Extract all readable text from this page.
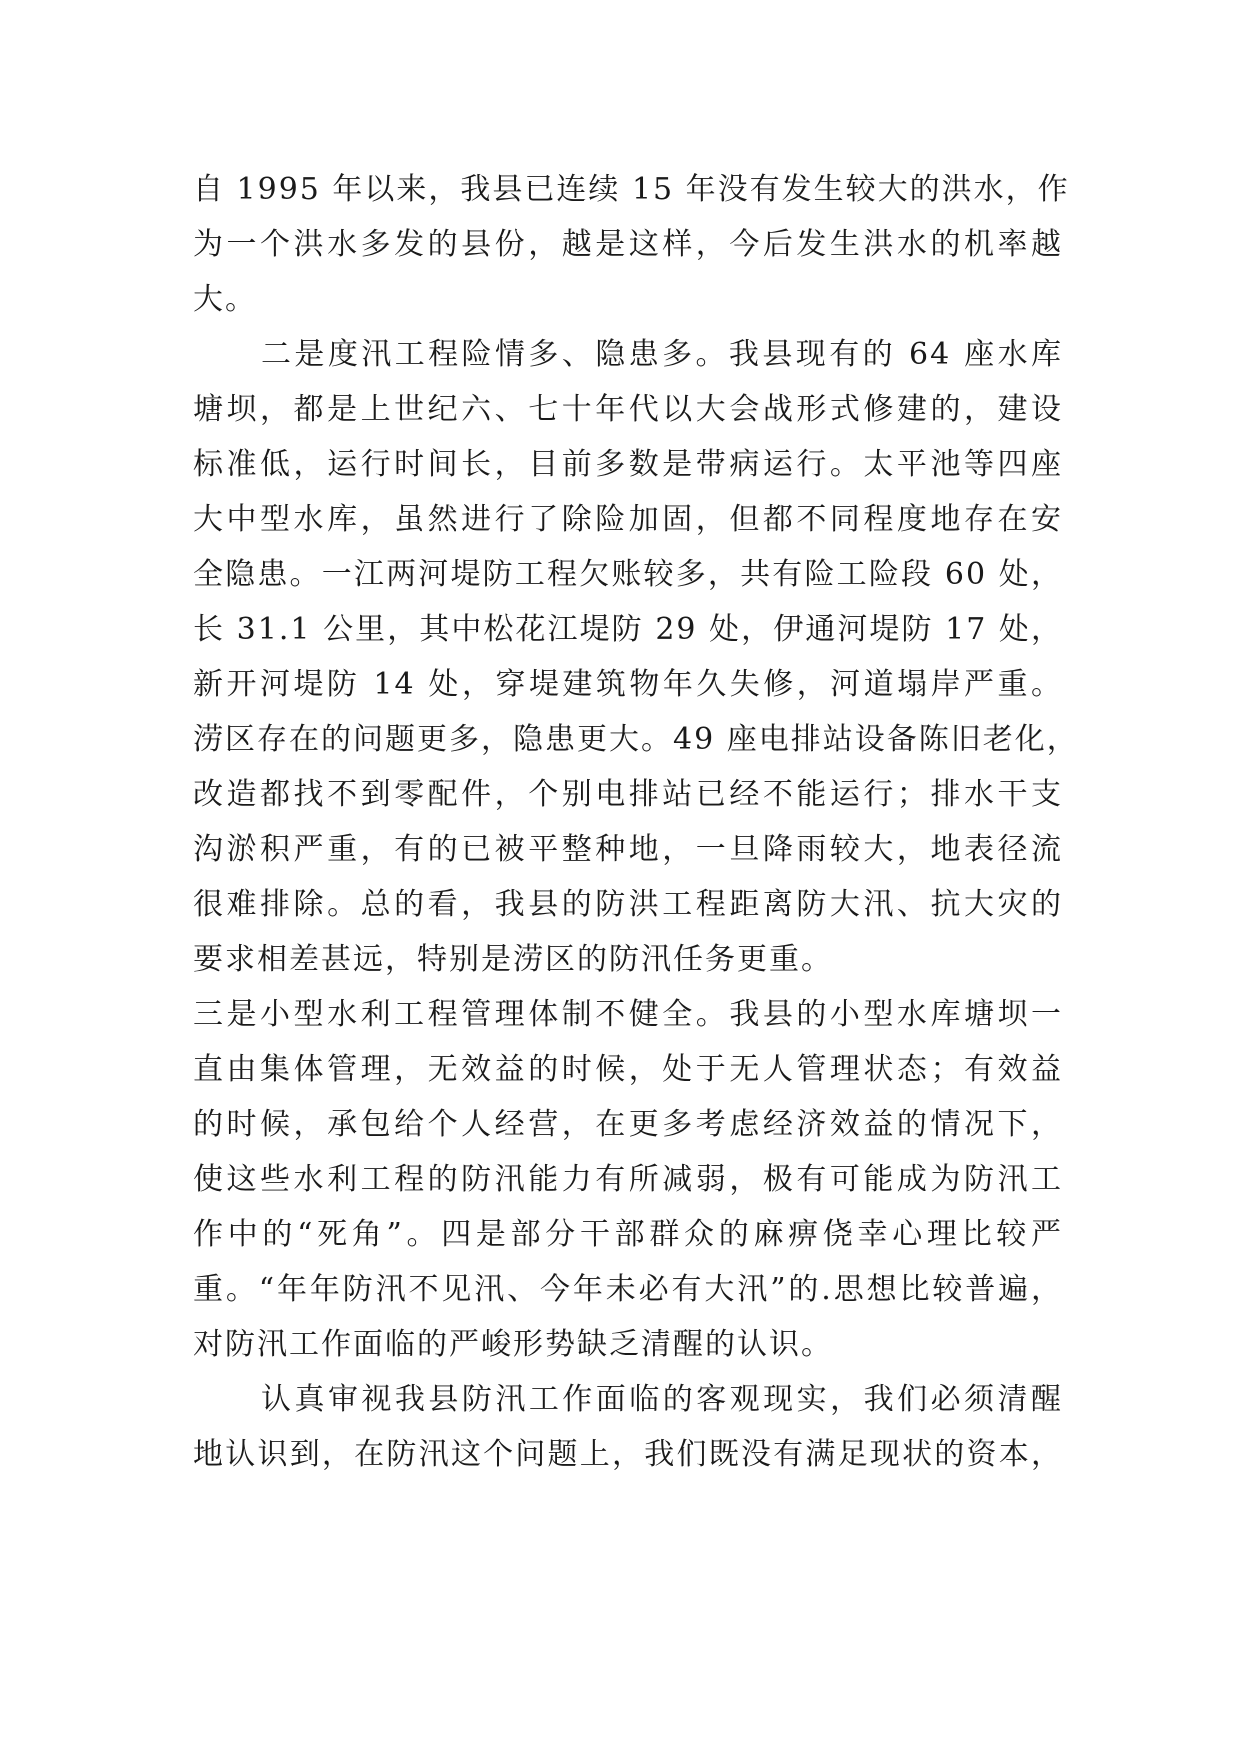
自 1995 年以来，我县已连续 15 年没有发生较大的洪水，作
为一个洪水多发的县份，越是这样，今后发生洪水的机率越
大。
二是度汛工程险情多、隐患多。我县现有的 64 座水库
塘坝，都是上世纪六、七十年代以大会战形式修建的，建设
标准低，运行时间长，目前多数是带病运行。太平池等四座
大中型水库，虽然进行了除险加固，但都不同程度地存在安
全隐患。一江两河堤防工程欠账较多，共有险工险段 60 处，
长 31.1 公里，其中松花江堤防 29 处，伊通河堤防 17 处，
新开河堤防 14 处，穿堤建筑物年久失修，河道塌岸严重。
涝区存在的问题更多，隐患更大。49 座电排站设备陈旧老化，
改造都找不到零配件，个别电排站已经不能运行；排水干支
沟淤积严重，有的已被平整种地，一旦降雨较大，地表径流
很难排除。总的看，我县的防洪工程距离防大汛、抗大灾的
要求相差甚远，特别是涝区的防汛任务更重。
三是小型水利工程管理体制不健全。我县的小型水库塘坝一
直由集体管理，无效益的时候，处于无人管理状态；有效益
的时候，承包给个人经营，在更多考虑经济效益的情况下，
使这些水利工程的防汛能力有所减弱，极有可能成为防汛工
作中的“死角”。四是部分干部群众的麻痹侥幸心理比较严
重。“年年防汛不见汛、今年未必有大汛”的.思想比较普遍，
对防汛工作面临的严峻形势缺乏清醒的认识。
认真审视我县防汛工作面临的客观现实，我们必须清醒
地认识到，在防汛这个问题上，我们既没有满足现状的资本，
